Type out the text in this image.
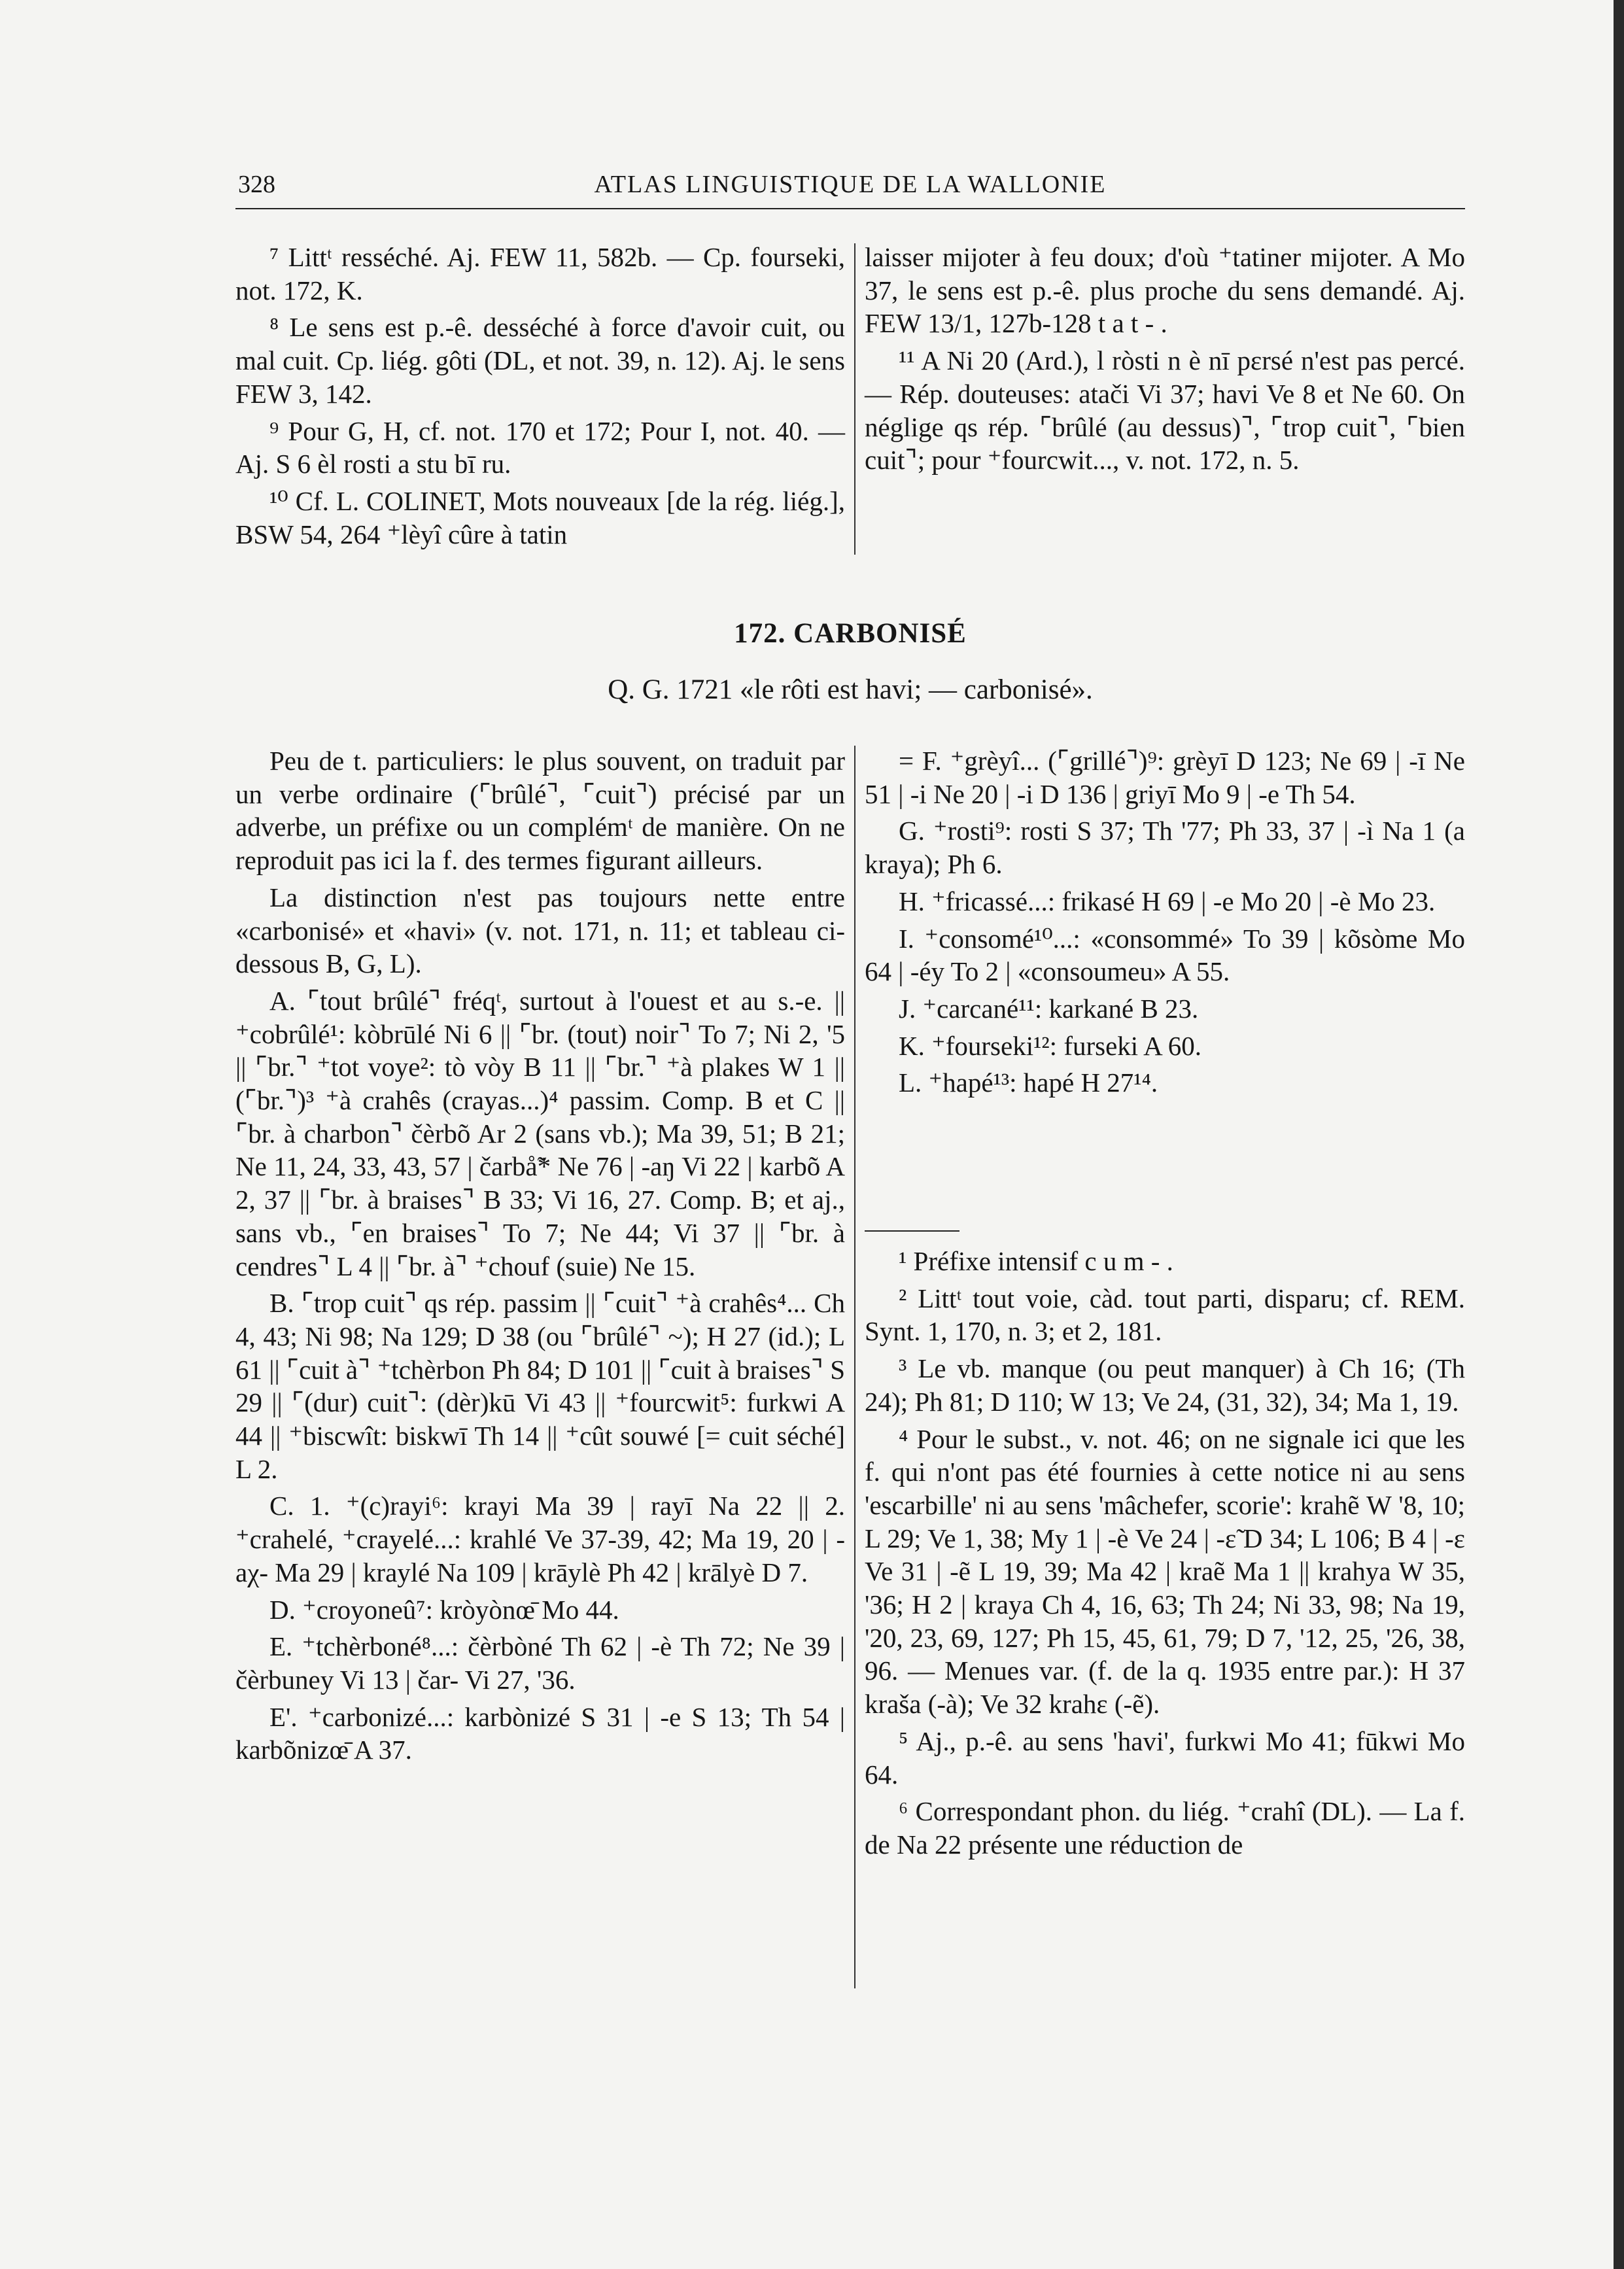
328	ATLAS LINGUISTIQUE DE LA WALLONIE

⁷ Littᵗ resséché. Aj. FEW 11, 582b. — Cp. fourseki, not. 172, K.

⁸ Le sens est p.-ê. desséché à force d'avoir cuit, ou mal cuit. Cp. liég. gôti (DL, et not. 39, n. 12). Aj. le sens FEW 3, 142.

⁹ Pour G, H, cf. not. 170 et 172; Pour I, not. 40. — Aj. S 6 èl rosti a stu bī ru.

¹⁰ Cf. L. COLINET, Mots nouveaux [de la rég. liég.], BSW 54, 264 ⁺lèyî cûre à tatin

laisser mijoter à feu doux; d'où ⁺tatiner mijoter. A Mo 37, le sens est p.-ê. plus proche du sens demandé. Aj. FEW 13/1, 127b-128 t a t - .

¹¹ A Ni 20 (Ard.), l ròsti n è nī pɛrsé n'est pas percé. — Rép. douteuses: atači Vi 37; havi Ve 8 et Ne 60. On néglige qs rép. ⌜brûlé (au dessus)⌝, ⌜trop cuit⌝, ⌜bien cuit⌝; pour ⁺fourcwit..., v. not. 172, n. 5.

172. CARBONISÉ
Q. G. 1721 «le rôti est havi; — carbonisé».

Peu de t. particuliers: le plus souvent, on traduit par un verbe ordinaire (⌜brûlé⌝, ⌜cuit⌝) précisé par un adverbe, un préfixe ou un complémᵗ de manière. On ne reproduit pas ici la f. des termes figurant ailleurs.

La distinction n'est pas toujours nette entre «carbonisé» et «havi» (v. not. 171, n. 11; et tableau ci-dessous B, G, L).

A. ⌜tout brûlé⌝ fréqᵗ, surtout à l'ouest et au s.-e. || ⁺cobrûlé¹: kòbrūlé Ni 6 || ⌜br. (tout) noir⌝ To 7; Ni 2, '5 || ⌜br.⌝ ⁺tot voye²: tò vòy B 11 || ⌜br.⌝ ⁺à plakes W 1 || (⌜br.⌝)³ ⁺à crahês (crayas...)⁴ passim. Comp. B et C || ⌜br. à charbon⌝ čèrbõ Ar 2 (sans vb.); Ma 39, 51; B 21; Ne 11, 24, 33, 43, 57 | čarbå̃* Ne 76 | -aŋ Vi 22 | karbõ A 2, 37 || ⌜br. à braises⌝ B 33; Vi 16, 27. Comp. B; et aj., sans vb., ⌜en braises⌝ To 7; Ne 44; Vi 37 || ⌜br. à cendres⌝ L 4 || ⌜br. à⌝ ⁺chouf (suie) Ne 15.

B. ⌜trop cuit⌝ qs rép. passim || ⌜cuit⌝ ⁺à crahês⁴... Ch 4, 43; Ni 98; Na 129; D 38 (ou ⌜brûlé⌝ ~); H 27 (id.); L 61 || ⌜cuit à⌝ ⁺tchèrbon Ph 84; D 101 || ⌜cuit à braises⌝ S 29 || ⌜(dur) cuit⌝: (dèr)kū Vi 43 || ⁺fourcwit⁵: furkwi A 44 || ⁺biscwît: biskwī Th 14 || ⁺cût souwé [= cuit séché] L 2.

C. 1. ⁺(c)rayi⁶: krayi Ma 39 | rayī Na 22 || 2. ⁺crahelé, ⁺crayelé...: krahlé Ve 37-39, 42; Ma 19, 20 | -aχ- Ma 29 | kraylé Na 109 | krāylè Ph 42 | krālyè D 7.

D. ⁺croyoneû⁷: kròyònœ̄ Mo 44.

E. ⁺tchèrboné⁸...: čèrbòné Th 62 | -è Th 72; Ne 39 | čèrbuney Vi 13 | čar- Vi 27, '36.

E'. ⁺carbonizé...: karbònizé S 31 | -e S 13; Th 54 | karbõnizœ̄ A 37.

= F. ⁺grèyî... (⌜grillé⌝)⁹: grèyī D 123; Ne 69 | -ī Ne 51 | -i Ne 20 | -i D 136 | griyī Mo 9 | -e Th 54.

G. ⁺rosti⁹: rosti S 37; Th '77; Ph 33, 37 | -ì Na 1 (a kraya); Ph 6.

H. ⁺fricassé...: frikasé H 69 | -e Mo 20 | -è Mo 23.

I. ⁺consomé¹⁰...: «consommé» To 39 | kõsòme Mo 64 | -éy To 2 | «consoumeu» A 55.

J. ⁺carcané¹¹: karkané B 23.

K. ⁺fourseki¹²: furseki A 60.

L. ⁺hapé¹³: hapé H 27¹⁴.

¹ Préfixe intensif c u m - .

² Littᵗ tout voie, càd. tout parti, disparu; cf. REM. Synt. 1, 170, n. 3; et 2, 181.

³ Le vb. manque (ou peut manquer) à Ch 16; (Th 24); Ph 81; D 110; W 13; Ve 24, (31, 32), 34; Ma 1, 19.

⁴ Pour le subst., v. not. 46; on ne signale ici que les f. qui n'ont pas été fournies à cette notice ni au sens 'escarbille' ni au sens 'mâchefer, scorie': krahẽ W '8, 10; L 29; Ve 1, 38; My 1 | -è Ve 24 | -ɛ̃ D 34; L 106; B 4 | -ɛ Ve 31 | -ẽ L 19, 39; Ma 42 | kraẽ Ma 1 || krahya W 35, '36; H 2 | kraya Ch 4, 16, 63; Th 24; Ni 33, 98; Na 19, '20, 23, 69, 127; Ph 15, 45, 61, 79; D 7, '12, 25, '26, 38, 96. — Menues var. (f. de la q. 1935 entre par.): H 37 kraša (-à); Ve 32 krahɛ (-ẽ).

⁵ Aj., p.-ê. au sens 'havi', furkwi Mo 41; fūkwi Mo 64.

⁶ Correspondant phon. du liég. ⁺crahî (DL). — La f. de Na 22 présente une réduction de
